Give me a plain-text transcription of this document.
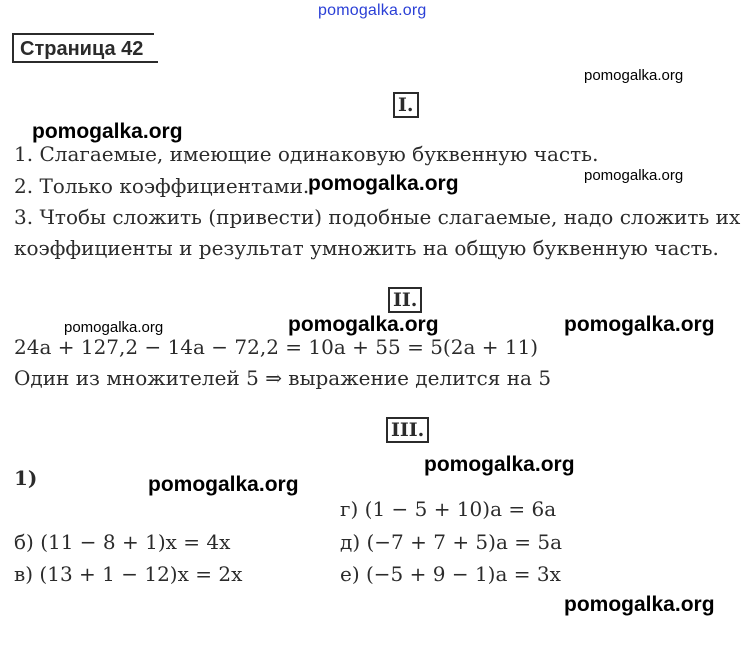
pomogalka.org
pomogalka.org
pomogalka.org
pomogalka.org
pomogalka.org	pomogalka.org	pomogalka.org
pomogalka.org
pomogalka.org
pomogalka.org
Страница 42
I.
1. Слагаемые, имеющие одинаковую буквенную часть.
2. Только коэффициентами.
pomogalka.org
3. Чтобы сложить (привести) подобные слагаемые, надо сложить их
коэффициенты и результат умножить на общую буквенную часть.
II.
24a + 127,2 − 14a − 72,2 = 10a + 55 = 5(2a + 11)
Один из множителей 5 ⇒ выражение делится на 5
III.
1)
г) (1 − 5 + 10)a = 6a
б) (11 − 8 + 1)x = 4x	д) (−7 + 7 + 5)a = 5a
в) (13 + 1 − 12)x = 2x	е) (−5 + 9 − 1)a = 3x
